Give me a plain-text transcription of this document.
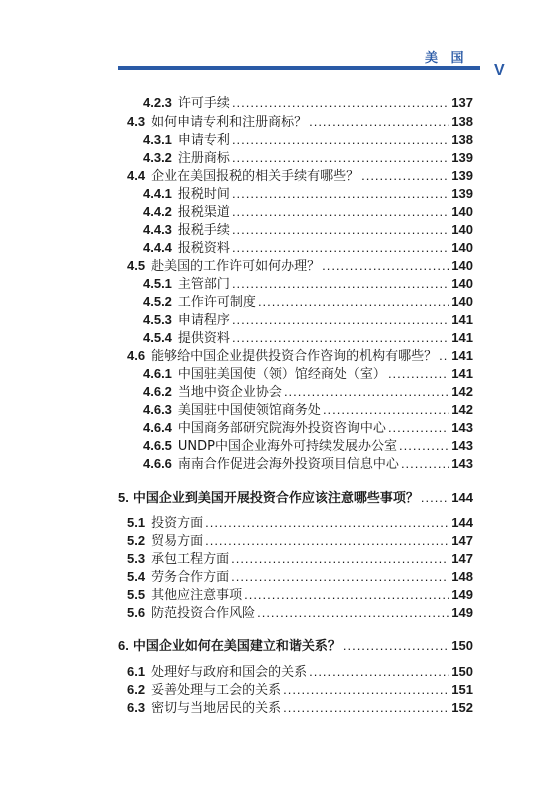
美 国
V
4.2.3 许可手续 .....	137
4.3 如何申请专利和注册商标？ .....	138
4.3.1 申请专利 .....	138
4.3.2 注册商标 .....	139
4.4 企业在美国报税的相关手续有哪些？ .....	139
4.4.1 报税时间 .....	139
4.4.2 报税渠道 .....	140
4.4.3 报税手续 .....	140
4.4.4 报税资料 .....	140
4.5 赴美国的工作许可如何办理？ .....	140
4.5.1 主管部门 .....	140
4.5.2 工作许可制度 .....	140
4.5.3 申请程序 .....	141
4.5.4 提供资料 .....	141
4.6 能够给中国企业提供投资合作咨询的机构有哪些？ ..... 141
4.6.1 中国驻美国使（领）馆经商处（室） .....	141
4.6.2 当地中资企业协会 .....	142
4.6.3 美国驻中国使领馆商务处 .....	142
4.6.4 中国商务部研究院海外投资咨询中心 .....	143
4.6.5 UNDP中国企业海外可持续发展办公室 .....	143
4.6.6 南南合作促进会海外投资项目信息中心 .....	143
5. 中国企业到美国开展投资合作应该注意哪些事项？ ..... 144
5.1 投资方面 .....	144
5.2 贸易方面 .....	147
5.3 承包工程方面 .....	147
5.4 劳务合作方面 .....	148
5.5 其他应注意事项 .....	149
5.6 防范投资合作风险 .....	149
6. 中国企业如何在美国建立和谐关系？ .....	150
6.1 处理好与政府和国会的关系 .....	150
6.2 妥善处理与工会的关系 .....	151
6.3 密切与当地居民的关系 .....	152
